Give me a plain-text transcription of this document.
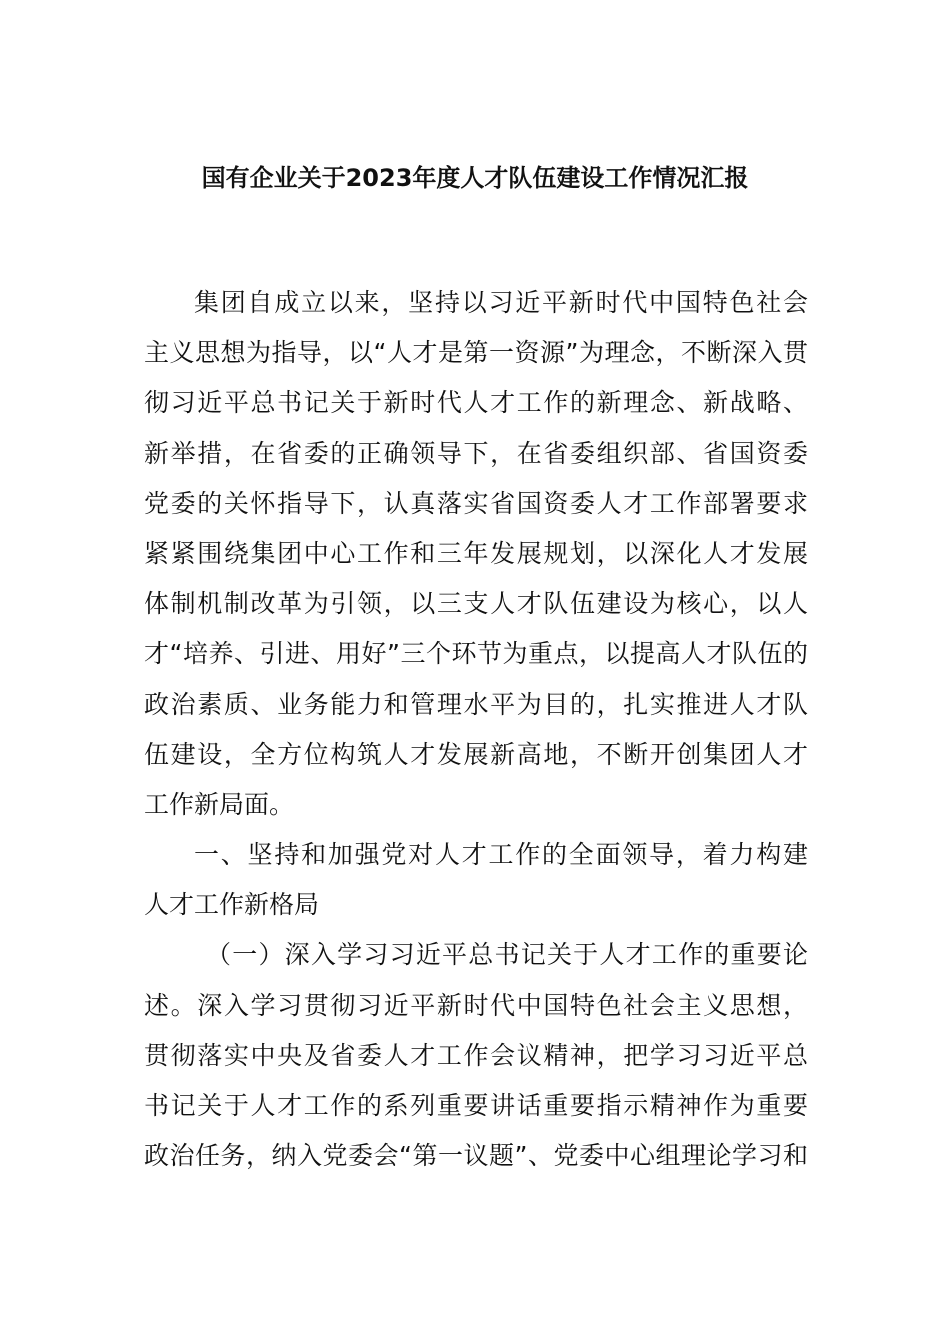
国有企业关于2023年度人才队伍建设工作情况汇报
集团自成立以来，坚持以习近平新时代中国特色社会
主义思想为指导，以“人才是第一资源”为理念，不断深入贯
彻习近平总书记关于新时代人才工作的新理念、新战略、
新举措，在省委的正确领导下，在省委组织部、省国资委
党委的关怀指导下，认真落实省国资委人才工作部署要求
紧紧围绕集团中心工作和三年发展规划，以深化人才发展
体制机制改革为引领，以三支人才队伍建设为核心，以人
才“培养、引进、用好”三个环节为重点，以提高人才队伍的
政治素质、业务能力和管理水平为目的，扎实推进人才队
伍建设，全方位构筑人才发展新高地，不断开创集团人才
工作新局面。
一、坚持和加强党对人才工作的全面领导，着力构建
人才工作新格局
（一）深入学习习近平总书记关于人才工作的重要论
述。深入学习贯彻习近平新时代中国特色社会主义思想，
贯彻落实中央及省委人才工作会议精神，把学习习近平总
书记关于人才工作的系列重要讲话重要指示精神作为重要
政治任务，纳入党委会“第一议题”、党委中心组理论学习和
